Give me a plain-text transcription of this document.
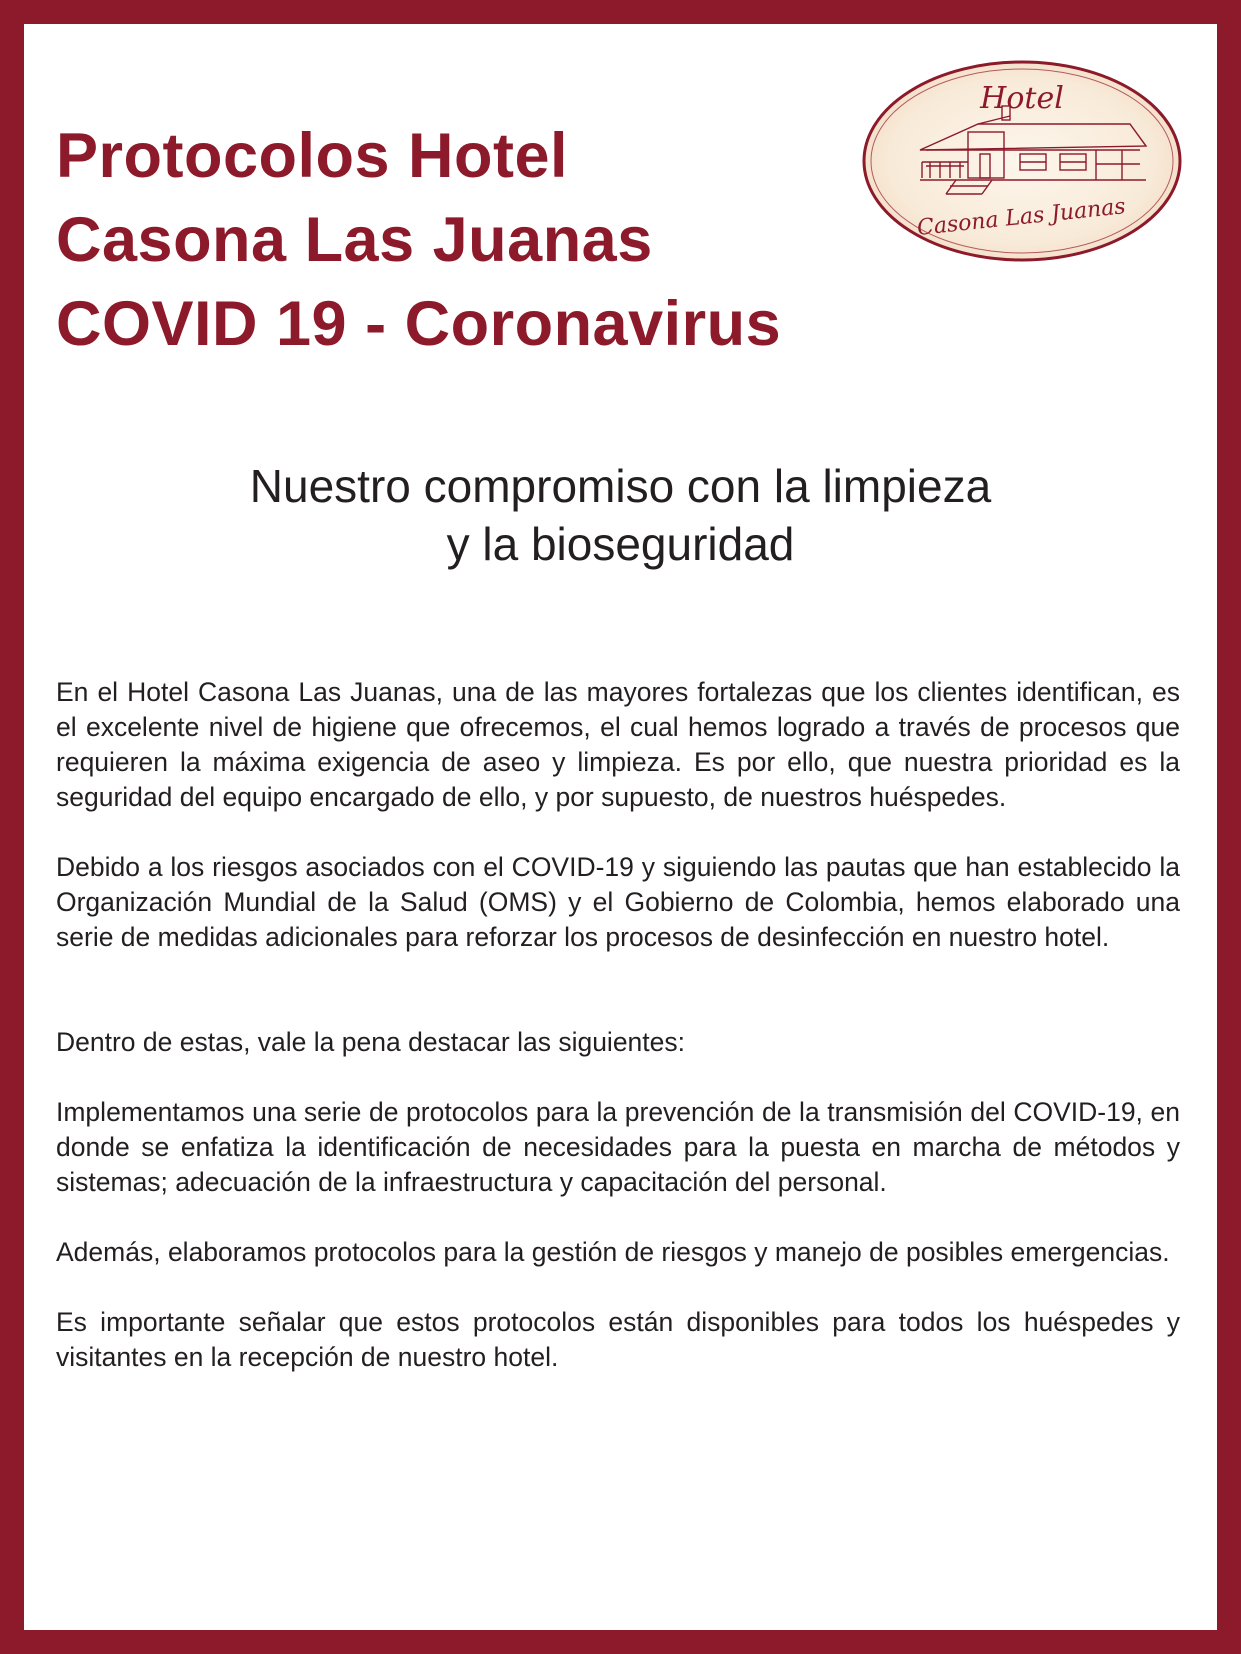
Protocolos Hotel
Casona Las Juanas
COVID 19 - Coronavirus
Hotel
Casona Las Juanas
Nuestro compromiso con la limpieza
y la bioseguridad

En el Hotel Casona Las Juanas, una de las mayores fortalezas que los clientes identifican, es el excelente nivel de higiene que ofrecemos, el cual hemos logrado a través de procesos que requieren la máxima exigencia de aseo y limpieza. Es por ello, que nuestra prioridad es la seguridad del equipo encargado de ello, y por supuesto, de nuestros huéspedes.

Debido a los riesgos asociados con el COVID-19 y siguiendo las pautas que han establecido la Organización Mundial de la Salud (OMS) y el Gobierno de Colombia, hemos elaborado una serie de medidas adicionales para reforzar los procesos de desinfección en nuestro hotel.

Dentro de estas, vale la pena destacar las siguientes:

Implementamos una serie de protocolos para la prevención de la transmisión del COVID-19, en donde se enfatiza la identificación de necesidades para la puesta en marcha de métodos y sistemas; adecuación de la infraestructura y capacitación del personal.

Además, elaboramos protocolos para la gestión de riesgos y manejo de posibles emergencias.

Es importante señalar que estos protocolos están disponibles para todos los huéspedes y visitantes en la recepción de nuestro hotel.
